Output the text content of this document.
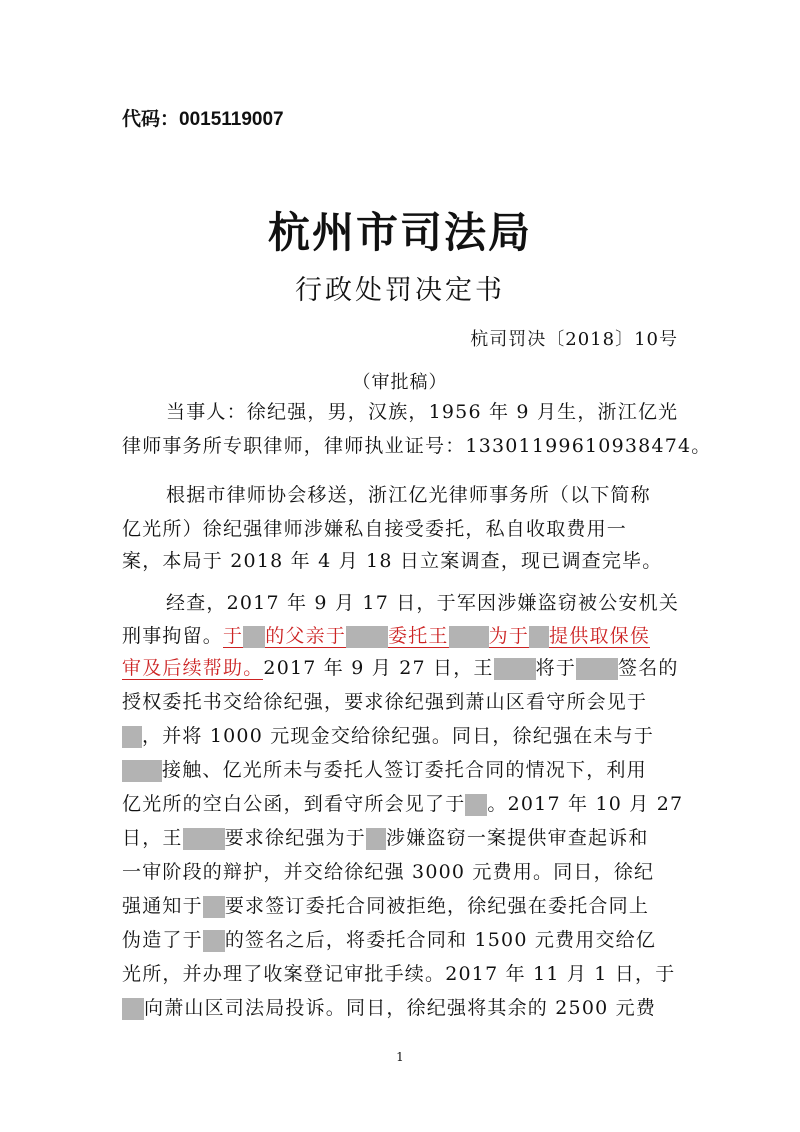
代码：0015119007
杭州市司法局
行政处罚决定书
杭司罚决〔2018〕10号
（审批稿）
当事人：徐纪强，男，汉族，1956 年 9 月生，浙江亿光
律师事务所专职律师，律师执业证号：13301199610938474。
根据市律师协会移送，浙江亿光律师事务所（以下简称
亿光所）徐纪强律师涉嫌私自接受委托，私自收取费用一
案，本局于 2018 年 4 月 18 日立案调查，现已调查完毕。
经查，2017 年 9 月 17 日，于军因涉嫌盗窃被公安机关
刑事拘留。于 的父亲于 委托王 为于 提供取保侯
审及后续帮助。2017 年 9 月 27 日，王 将于 签名的
授权委托书交给徐纪强，要求徐纪强到萧山区看守所会见于
，并将 1000 元现金交给徐纪强。同日，徐纪强在未与于
接触、亿光所未与委托人签订委托合同的情况下，利用
亿光所的空白公函，到看守所会见了于 。2017 年 10 月 27
日，王 要求徐纪强为于 涉嫌盗窃一案提供审查起诉和
一审阶段的辩护，并交给徐纪强 3000 元费用。同日，徐纪
强通知于 要求签订委托合同被拒绝，徐纪强在委托合同上
伪造了于 的签名之后，将委托合同和 1500 元费用交给亿
光所，并办理了收案登记审批手续。2017 年 11 月 1 日，于
向萧山区司法局投诉。同日，徐纪强将其余的 2500 元费
1
